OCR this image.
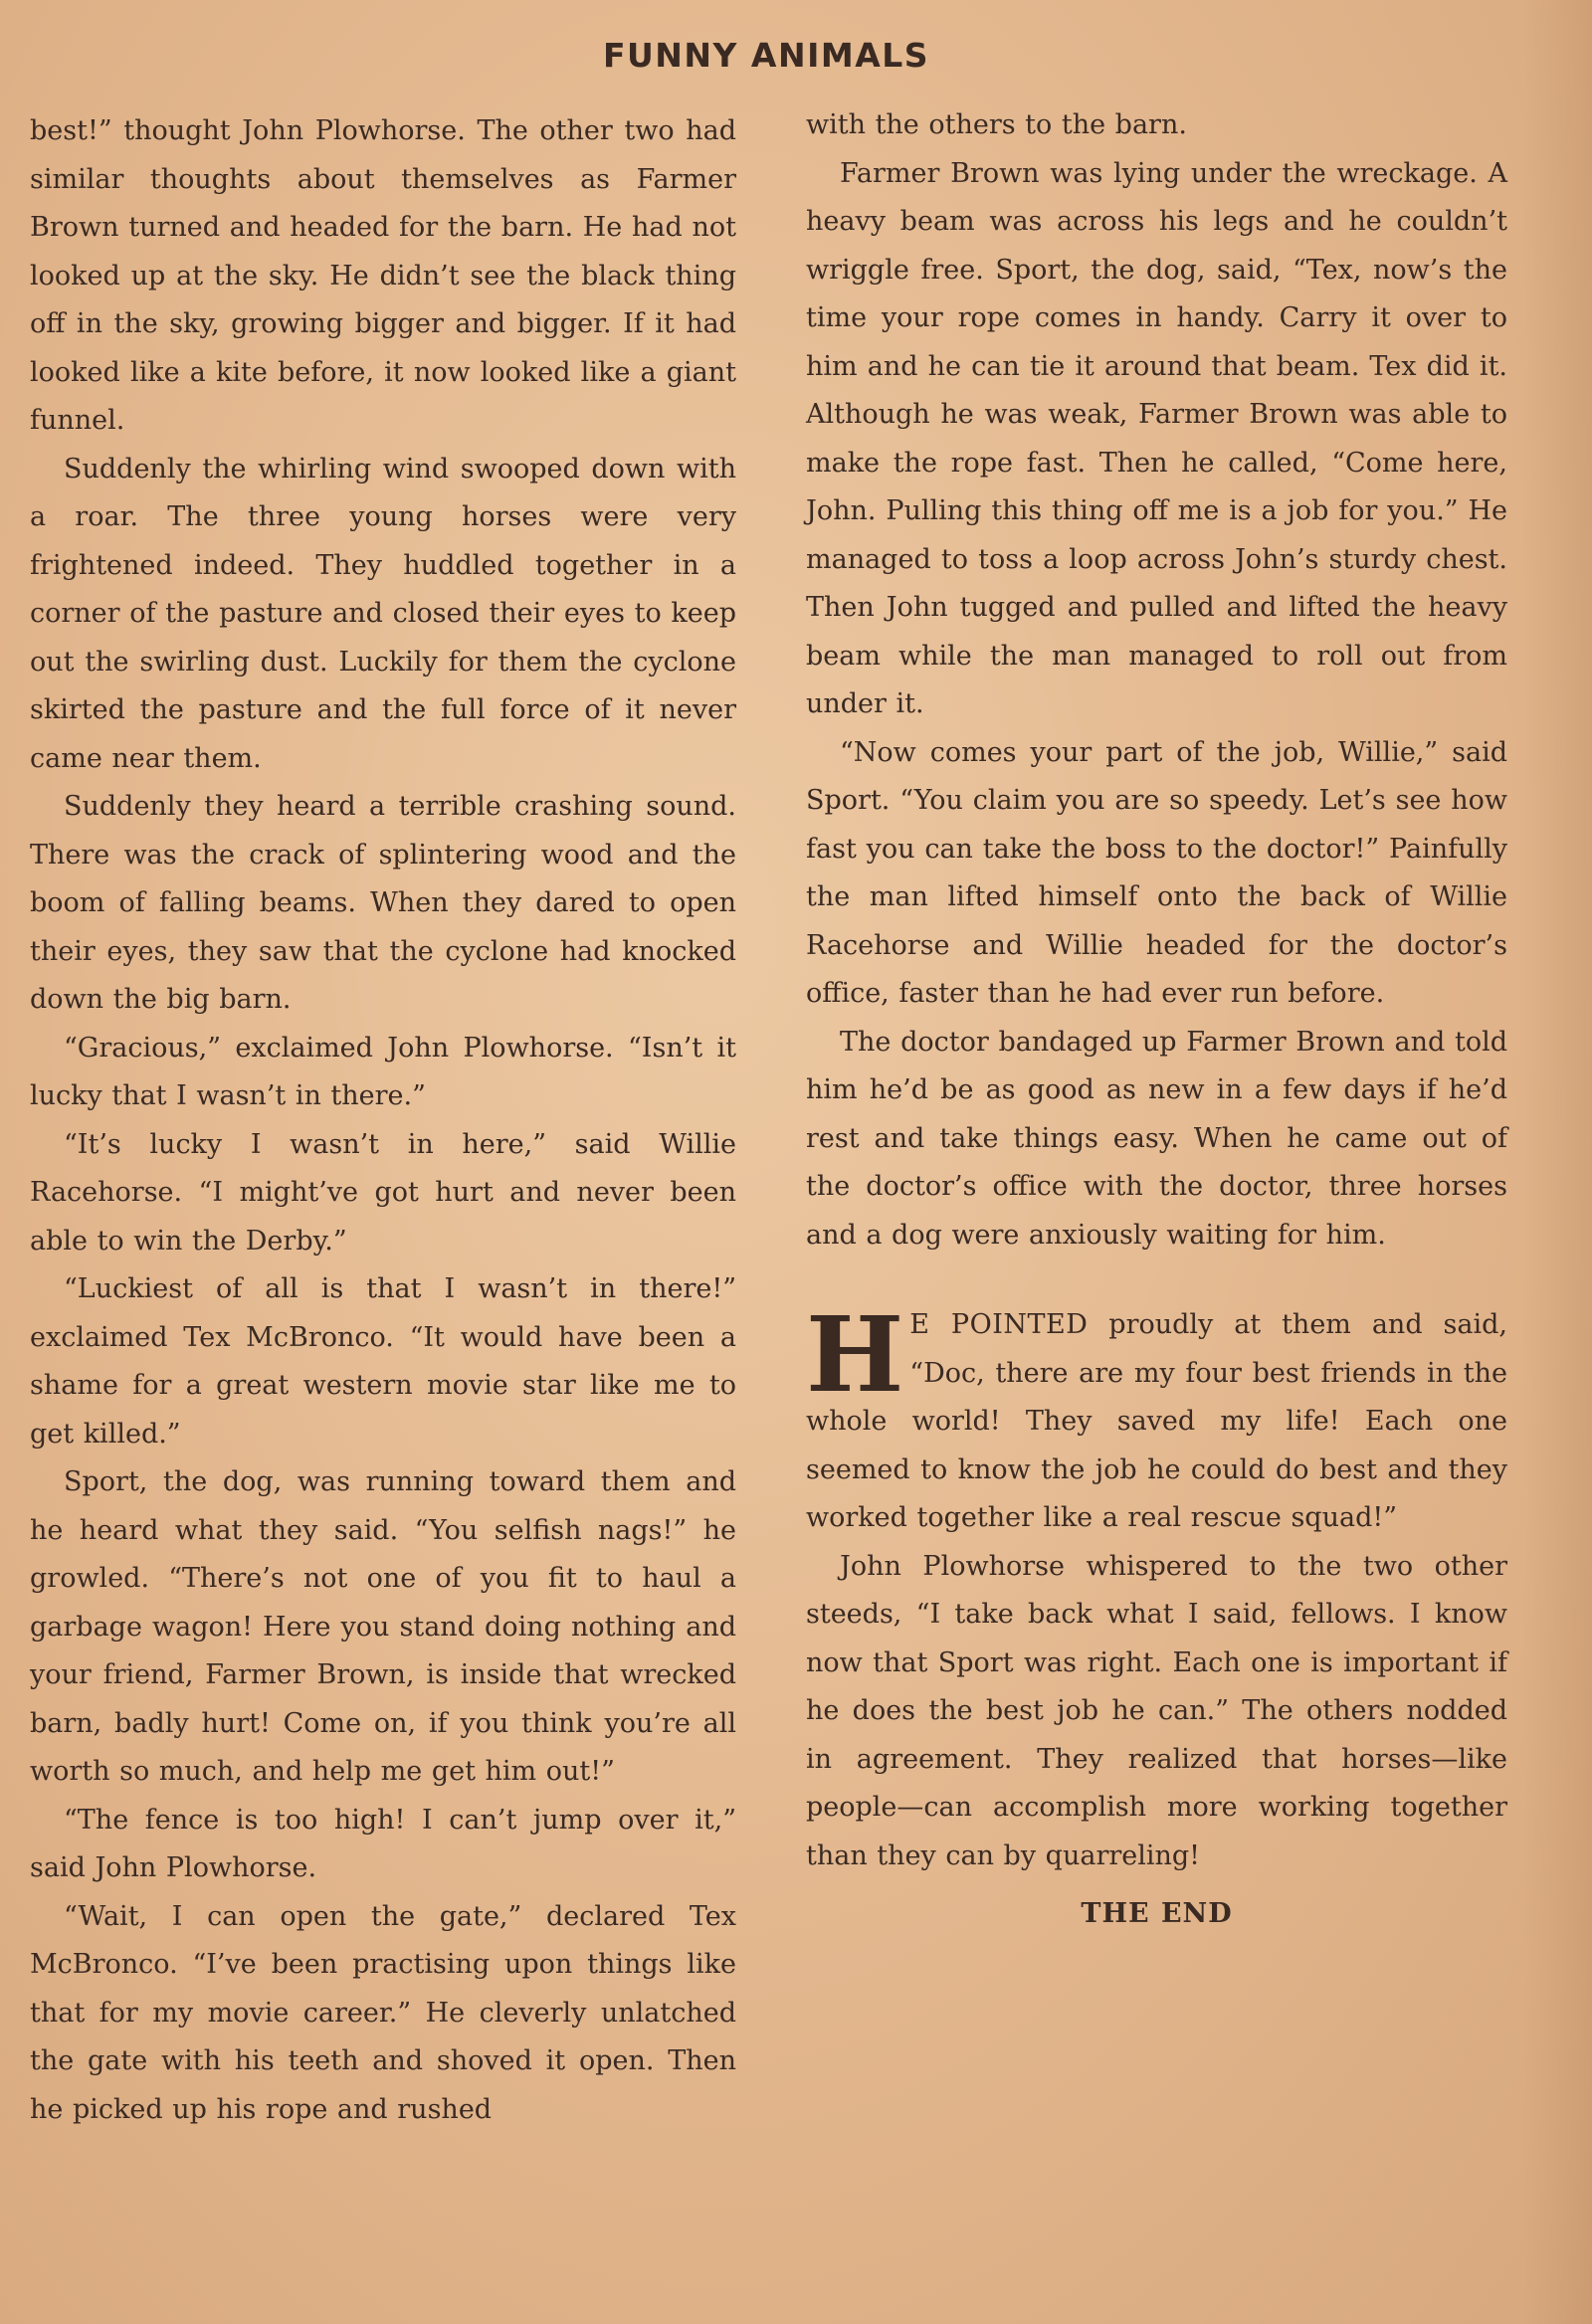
FUNNY ANIMALS

best!” thought John Plowhorse. The other two had similar thoughts about themselves as Farmer Brown turned and headed for the barn. He had not looked up at the sky. He didn’t see the black thing off in the sky, growing bigger and bigger. If it had looked like a kite before, it now looked like a giant funnel.

Suddenly the whirling wind swooped down with a roar. The three young horses were very frightened indeed. They huddled together in a corner of the pasture and closed their eyes to keep out the swirling dust. Luckily for them the cyclone skirted the pasture and the full force of it never came near them.

Suddenly they heard a terrible crashing sound. There was the crack of splintering wood and the boom of falling beams. When they dared to open their eyes, they saw that the cyclone had knocked down the big barn.

“Gracious,” exclaimed John Plowhorse. “Isn’t it lucky that I wasn’t in there.”

“It’s lucky I wasn’t in here,” said Willie Racehorse. “I might’ve got hurt and never been able to win the Derby.”

“Luckiest of all is that I wasn’t in there!” exclaimed Tex McBronco. “It would have been a shame for a great western movie star like me to get killed.”

Sport, the dog, was running toward them and he heard what they said. “You selfish nags!” he growled. “There’s not one of you fit to haul a garbage wagon! Here you stand doing nothing and your friend, Farmer Brown, is inside that wrecked barn, badly hurt! Come on, if you think you’re all worth so much, and help me get him out!”

“The fence is too high! I can’t jump over it,” said John Plowhorse.

“Wait, I can open the gate,” declared Tex McBronco. “I’ve been practising upon things like that for my movie career.” He cleverly unlatched the gate with his teeth and shoved it open. Then he picked up his rope and rushed

with the others to the barn.

Farmer Brown was lying under the wreckage. A heavy beam was across his legs and he couldn’t wriggle free. Sport, the dog, said, “Tex, now’s the time your rope comes in handy. Carry it over to him and he can tie it around that beam. Tex did it. Although he was weak, Farmer Brown was able to make the rope fast. Then he called, “Come here, John. Pulling this thing off me is a job for you.” He managed to toss a loop across John’s sturdy chest. Then John tugged and pulled and lifted the heavy beam while the man managed to roll out from under it.

“Now comes your part of the job, Willie,” said Sport. “You claim you are so speedy. Let’s see how fast you can take the boss to the doctor!” Painfully the man lifted himself onto the back of Willie Racehorse and Willie headed for the doctor’s office, faster than he had ever run before.

The doctor bandaged up Farmer Brown and told him he’d be as good as new in a few days if he’d rest and take things easy. When he came out of the doctor’s office with the doctor, three horses and a dog were anxiously waiting for him.

H E POINTED proudly at them and said, “Doc, there are my four best friends in the whole world! They saved my life! Each one seemed to know the job he could do best and they worked together like a real rescue squad!”

John Plowhorse whispered to the two other steeds, “I take back what I said, fellows. I know now that Sport was right. Each one is important if he does the best job he can.” The others nodded in agreement. They realized that horses—like people—can accomplish more working together than they can by quarreling!

THE END
